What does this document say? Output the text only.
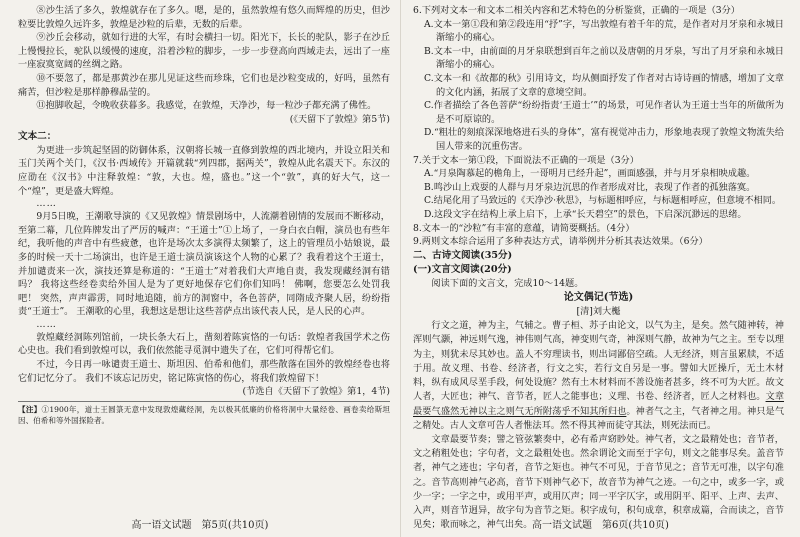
⑧沙生活了多久，敦煌就存在了多久。嗯，是的，虽然敦煌有悠久而辉煌的历史，但沙粒要比敦煌久远许多，敦煌是沙粒的后辈，无数的后辈。

⑨沙丘会移动，就如行进的大军，有时会横扫一切。阳光下，长长的驼队，影子在沙丘上慢慢拉长，驼队以缓慢的速度，沿着沙粒的脚步，一步一步登高向西域走去，远出了一座一座寂寞宽阔的丝绸之路。

⑩不要忽了，都是那黄沙在那儿见证这些而珍珠，它们也是沙粒变成的，好吗，虽然有痛苦，但沙粒是那样静穆晶莹的。

⑪抱脚收起，令晚收获暮多。我感觉，在敦煌，天净沙，每一粒沙子都充满了佛性。

(《天留下了敦煌》第5节)

文本二：

为更进一步筑起坚固的防御体系，汉朝将长城一直修到敦煌的西北境内，并设立阳关和玉门关两个关门，《汉书·西域传》开篇就载“列四郡，据两关”，敦煌从此名震天下。东汉的应劭在《汉书》中注释敦煌：“敦，大也。煌，盛也。”这一个“敦”，真的好大气，这一个“煌”，更是盛大辉煌。

……

9月5日晚，王潮歌导演的《又见敦煌》情景剧场中，人流潮着剧情的发展而不断移动，至第二幕，几位阵牌发出了严厉的喊声：“王道士”①上场了，一身白衣白帽，演员也有些年纪，我听他的声音中有些疲惫，也许是场次太多演得太频繁了，这上的管理员小姑娘说，最多的时候一天十二场演出，也许是王道士演员演该这个人物的心累了？我看着这个王道士，并加谴责来一次，演技还算是称道的：“王道士”对着我们大声地自责，我发现藏经洞有错吗？ 我将这些经卷卖给外国人是为了更好地保存它们你们知吗！ 佛啊，您要怎么处罚我吧！ 突然，声声霹雳，同时地追随，前方的洞窗中，各色菩萨，同隋成齐聚人居，纷纷指责“王道士”。 王潮歌的心里，我想这是想让这些菩萨点出该代表人民，是人民的心声。

……

敦煌藏经洞陈列馆前，一块长条大石上，凿刻着陈寅恪的一句话：敦煌者我国学术之伤心史也。我们看到敦煌可以，我们依然能寻觅洞中遗失了在，它们可得帮它们。

不过，今日再一咏谴责王道士、斯坦因、伯希和他们，那些散落在国外的敦煌经卷也将它们记忆分了。 我们不该忘记历史，铭记陈寅恪的伤心，将我们敦煌留下！

(节选自《天留下了敦煌》第1，4节)

【注】①1900年，道士王圆箓无意中发现敦煌藏经洞，先以极其低廉的价格将洞中大量经卷、画卷卖给斯坦因、伯希和等外国探险者。

高一语文试题　第5页(共10页)

6.下列对文本一和文本二相关内容和艺术特色的分析鉴赏，正确的一项是（3分）

A.文本一第①段和第②段连用“抒”字，写出敦煌有着千年的荒，是作者对月牙泉和永城日渐缩小的痛心。

B.文本一中，由前面的月牙泉联想到百年之前以及唐朝的月牙泉，写出了月牙泉和永城日渐缩小的痛心。

C.文本一和《故都的秋》引用诗文，均从侧面抒发了作者对古诗诗画的情感，增加了文章的文化内涵，拓展了文章的意境空间。

C.作者描绘了各色菩萨“纷纷指责‘王道士’”的场景，可见作者认为王道士当年的所做所为是不可原谅的。

D.“粗壮的刻痕深深地烙进石头的身体”，富有视觉冲击力，形象地表现了敦煌文物流失给国人带来的沉重伤害。

7.关于文本一第①段，下面说法不正确的一项是（3分）

A.“月泉陶慕起的檐角上，一哥明月已经升起”，画面感强，并与月牙泉相映成趣。

B.鸣沙山上戏耍的人群与月牙泉边沉思的作者形成对比，表现了作者的孤独落寞。

C.结尾化用了马致远的《天净沙·秋思》，与标题相呼应，与标题相呼应，但意境不相同。

D.这段文字在结构上承上启下，上承“长天碧空”的景色，下启深沉渺远的思绪。

8.文本一的“沙粒”有丰富的意蕴，请简要概括。（4分）

9.两则文本综合运用了多种表达方式，请举例并分析其表达效果。（6分）

二、古诗文阅读(35分)

(一)文言文阅读(20分)

阅读下面的文言文，完成10～14题。

论文偶记(节选)

[清]刘大櫆

行文之道，神为主，气辅之。曹子桓、苏子由论文，以气为主，是矣。然气随神转，神浑则气灏，神远则气逸，神伟则气高，神变则气奇，神深则气静，故神为气之主。至专以理为主，则犹未尽其妙也。盖人不穷理读书，则出词鄙倍空疏。人无经济，则言虽累牍，不适于用。故义理、书卷、经济者，行文之实，若行文自另是一事。譬如大匠操斤，无土木材料，纵有成风尽垩手段，何处设施？然有土木材料而不善设施者甚多，终不可为大匠。故文人者，大匠也；神气、音节者，匠人之能事也；义理、书卷、经济者，匠人之材料也。文章最要气盛然无神以主之则气无所附荡乎不知其所归也。神者气之主，气者神之用。神只是气之精处。古人文章可告人者惟法耳。然不得其神而徒守其法，则死法而已。

文章最要节奏；譬之管弦繁奏中，必有希声窈眇处。神气者，文之最精处也；音节者，文之稍粗处也；字句者，文之最粗处也。然余谓论文而至于字句，则文之能事尽矣。盖音节者，神气之迹也；字句者，音节之矩也。神气不可见，于音节见之；音节无可准，以字句准之。音节高则神气必高，音节下则神气必下，故音节为神气之迹。一句之中，或多一字，或少一字；一字之中，或用平声，或用仄声；同一平字仄字，或用阴平、阳平、上声、去声、入声，则音节迥异，故字句为音节之矩。积字成句，积句成章，积章成篇，合而读之，音节见矣；歌而咏之，神气出矣。 高一语文试题　第6页(共10页)
